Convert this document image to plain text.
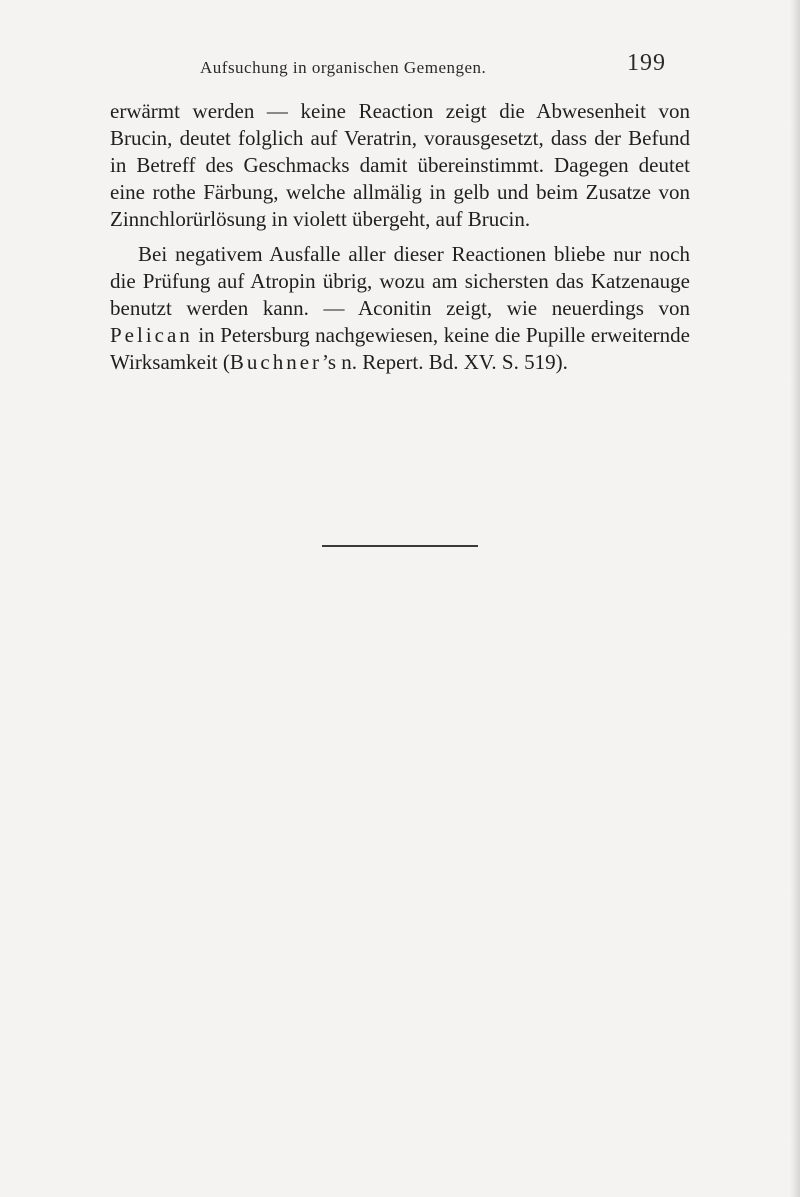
Aufsuchung in organischen Gemengen.	199

erwärmt werden — keine Reaction zeigt die Abwesenheit von Brucin, deutet folglich auf Veratrin, vorausgesetzt, dass der Befund in Betreff des Geschmacks damit übereinstimmt. Dagegen deutet eine rothe Färbung, welche allmälig in gelb und beim Zusatze von Zinnchlorürlösung in violett übergeht, auf Brucin.

Bei negativem Ausfalle aller dieser Reactionen bliebe nur noch die Prüfung auf Atropin übrig, wozu am sichersten das Katzenauge benutzt werden kann. — Aconitin zeigt, wie neuerdings von Pelican in Petersburg nachgewiesen, keine die Pupille erweiternde Wirksamkeit (Buchner’s n. Repert. Bd. XV. S. 519).
